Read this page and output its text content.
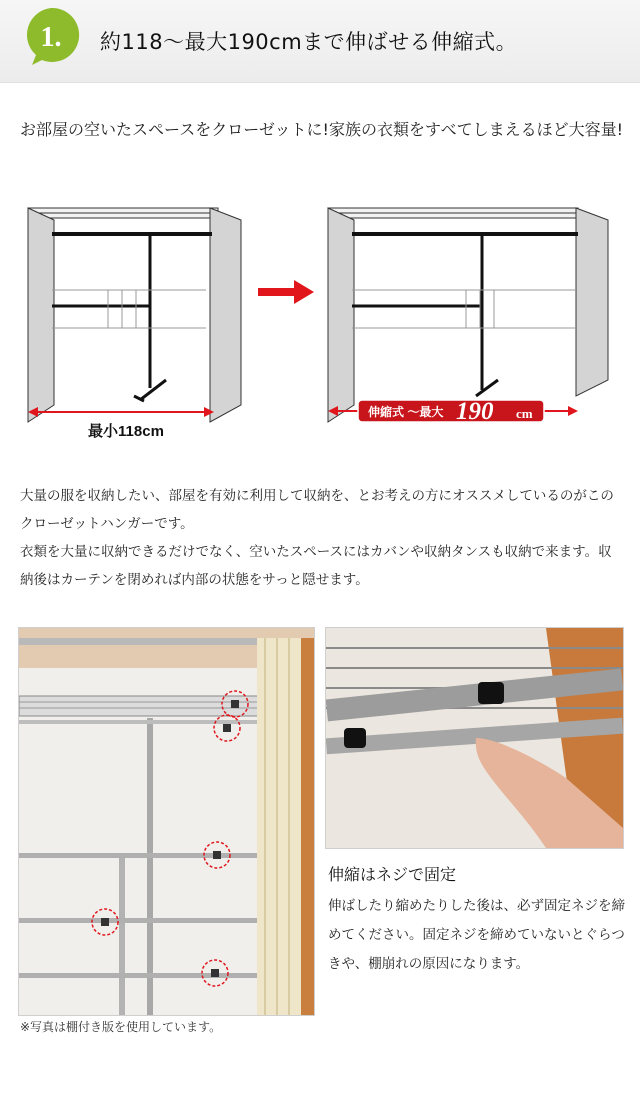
1. 約118～最大190cmまで伸ばせる伸縮式。
お部屋の空いたスペースをクローゼットに!家族の衣類をすべてしまえるほど大容量!
最小118cm
伸縮式 ～最大 190 cm
大量の服を収納したい、部屋を有効に利用して収納を、とお考えの方にオススメしているのがこのクローゼットハンガーです。
衣類を大量に収納できるだけでなく、空いたスペースにはカバンや収納タンスも収納で来ます。収納後はカーテンを閉めれば内部の状態をサっと隠せます。
伸縮はネジで固定
伸ばしたり縮めたりした後は、必ず固定ネジを締めてください。固定ネジを締めていないとぐらつきや、棚崩れの原因になります。
※写真は棚付き版を使用しています。
